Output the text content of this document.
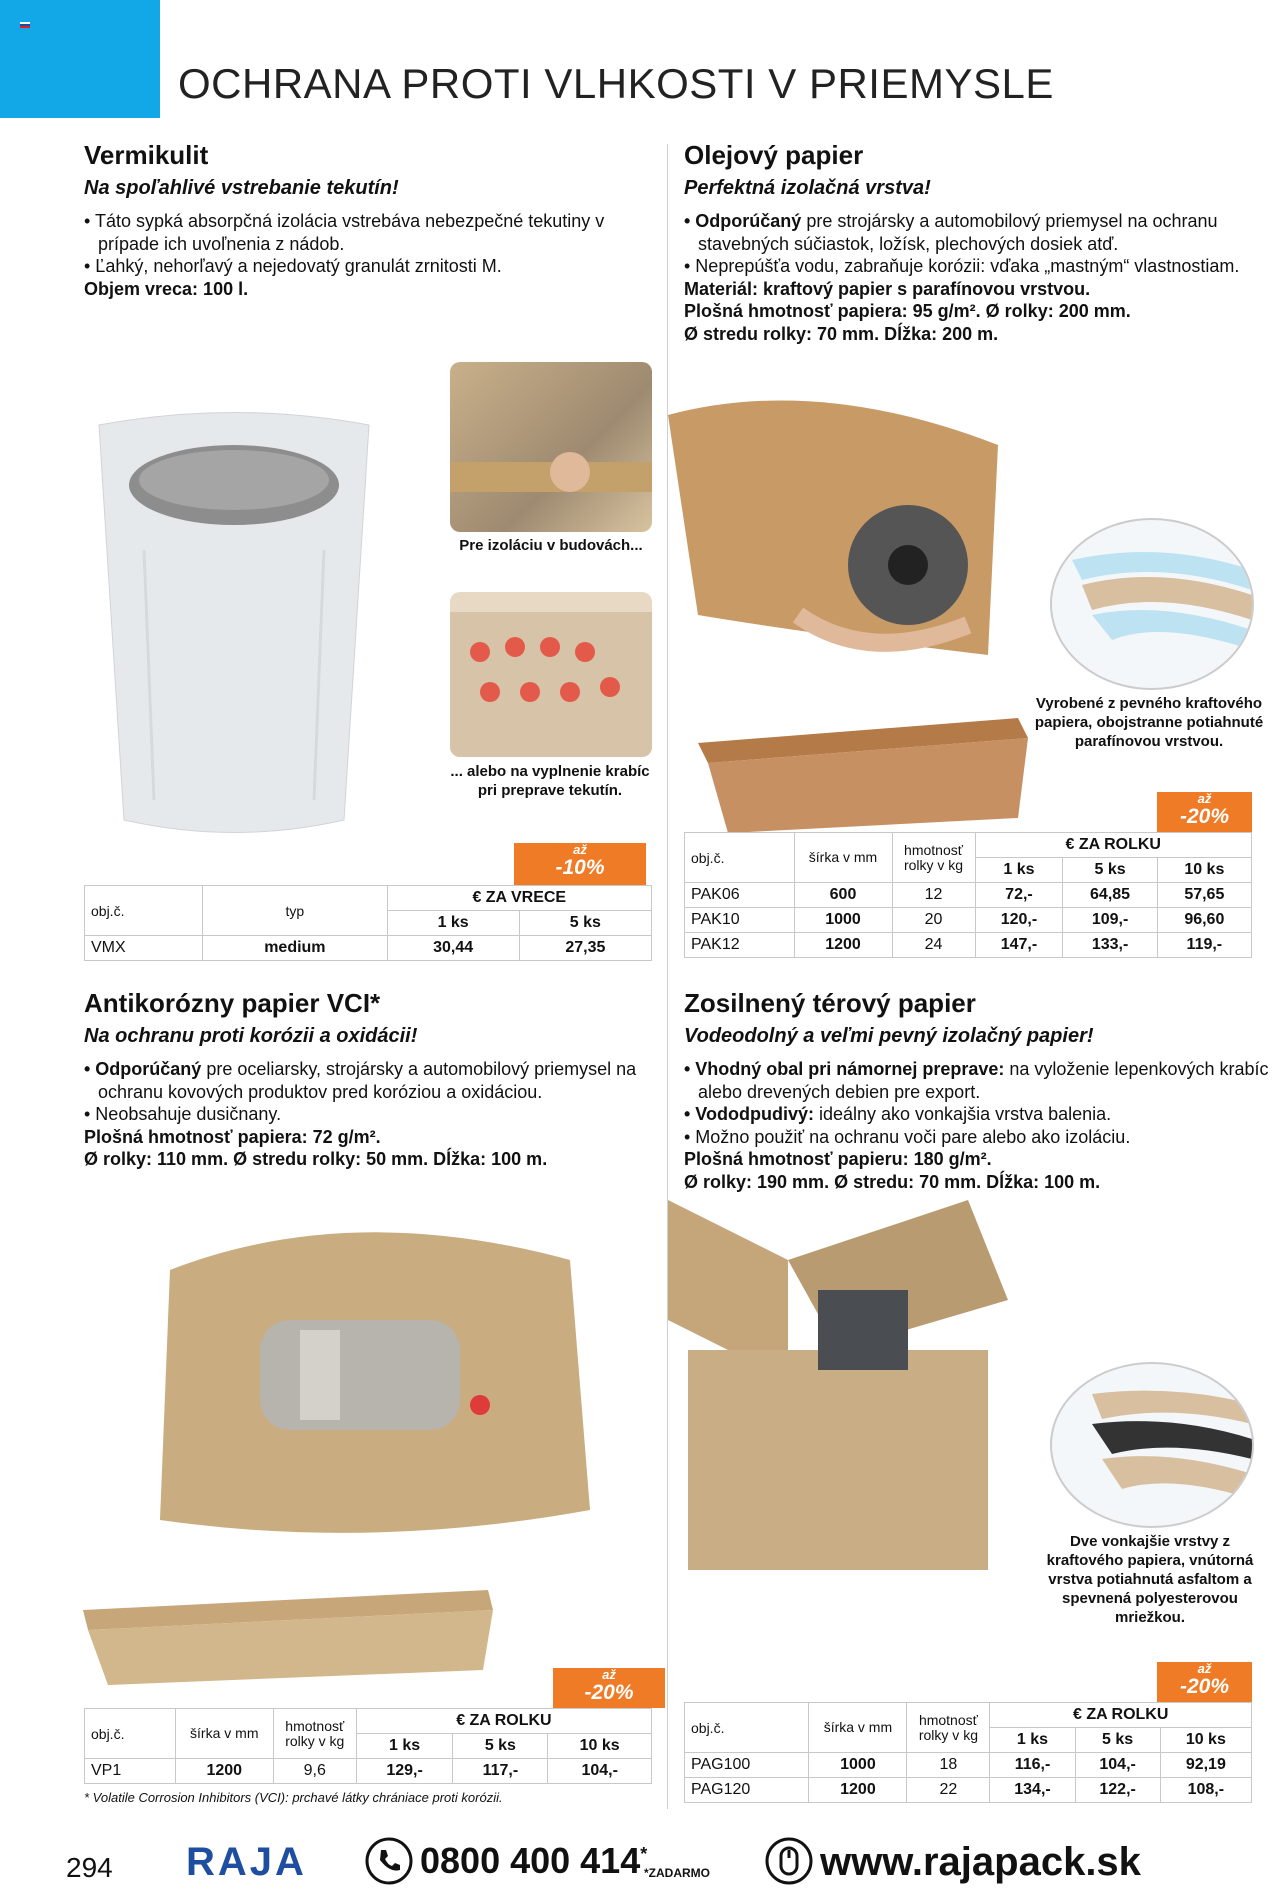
OCHRANA PROTI VLHKOSTI V PRIEMYSLE

Vermikulit

Na spoľahlivé vstrebanie tekutín!

• Táto sypká absorpčná izolácia vstrebáva nebezpečné tekutiny v prípade ich uvoľnenia z nádob.

• Ľahký, nehorľavý a nejedovatý granulát zrnitosti M.

Objem vreca: 100 l.

Pre izoláciu v budovách...
... alebo na vyplnenie krabíc pri preprave tekutín.
až
-10%
obj.č.	typ	€ ZA VRECE	
		1 ks	5 ks
VMX	medium	30,44	27,35

Olejový papier

Perfektná izolačná vrstva!

• Odporúčaný pre strojársky a automobilový priemysel na ochranu stavebných súčiastok, ložísk, plechových dosiek atď.

• Neprepúšťa vodu, zabraňuje korózii: vďaka „mastným“ vlastnostiam.

Materiál: kraftový papier s parafínovou vrstvou.

Plošná hmotnosť papiera: 95 g/m². Ø rolky: 200 mm.

Ø stredu rolky: 70 mm. Dĺžka: 200 m.

Vyrobené z pevného kraftového papiera, obojstranne potiahnuté parafínovou vrstvou.
až
-20%
obj.č.	šírka v mm	hmotnosť rolky v kg	€ ZA ROLKU		
			1 ks	5 ks	10 ks
PAK06	600	12	72,-	64,85	57,65
PAK10	1000	20	120,-	109,-	96,60
PAK12	1200	24	147,-	133,-	119,-

Antikorózny papier VCI*

Na ochranu proti korózii a oxidácii!

• Odporúčaný pre oceliarsky, strojársky a automobilový priemysel na ochranu kovových produktov pred koróziou a oxidáciou.

• Neobsahuje dusičnany.

Plošná hmotnosť papiera: 72 g/m².

Ø rolky: 110 mm. Ø stredu rolky: 50 mm. Dĺžka: 100 m.

až
-20%
obj.č.	šírka v mm	hmotnosť rolky v kg	€ ZA ROLKU		
			1 ks	5 ks	10 ks
VP1	1200	9,6	129,-	117,-	104,-
* Volatile Corrosion Inhibitors (VCI): prchavé látky chrániace proti korózii.

Zosilnený térový papier

Vodeodolný a veľmi pevný izolačný papier!

• Vhodný obal pri námornej preprave: na vyloženie lepenkových krabíc alebo drevených debien pre export.

• Vododpudivý: ideálny ako vonkajšia vrstva balenia.

• Možno použiť na ochranu voči pare alebo ako izoláciu.

Plošná hmotnosť papieru: 180 g/m².

Ø rolky: 190 mm. Ø stredu: 70 mm. Dĺžka: 100 m.

Dve vonkajšie vrstvy z kraftového papiera, vnútorná vrstva potiahnutá asfaltom a spevnená polyesterovou mriežkou.
až
-20%
obj.č.	šírka v mm	hmotnosť rolky v kg	€ ZA ROLKU		
			1 ks	5 ks	10 ks
PAG100	1000	18	116,-	104,-	92,19
PAG120	1200	22	134,-	122,-	108,-
294 RAJA	0800 400 414*
*ZADARMO	www.rajapack.sk
